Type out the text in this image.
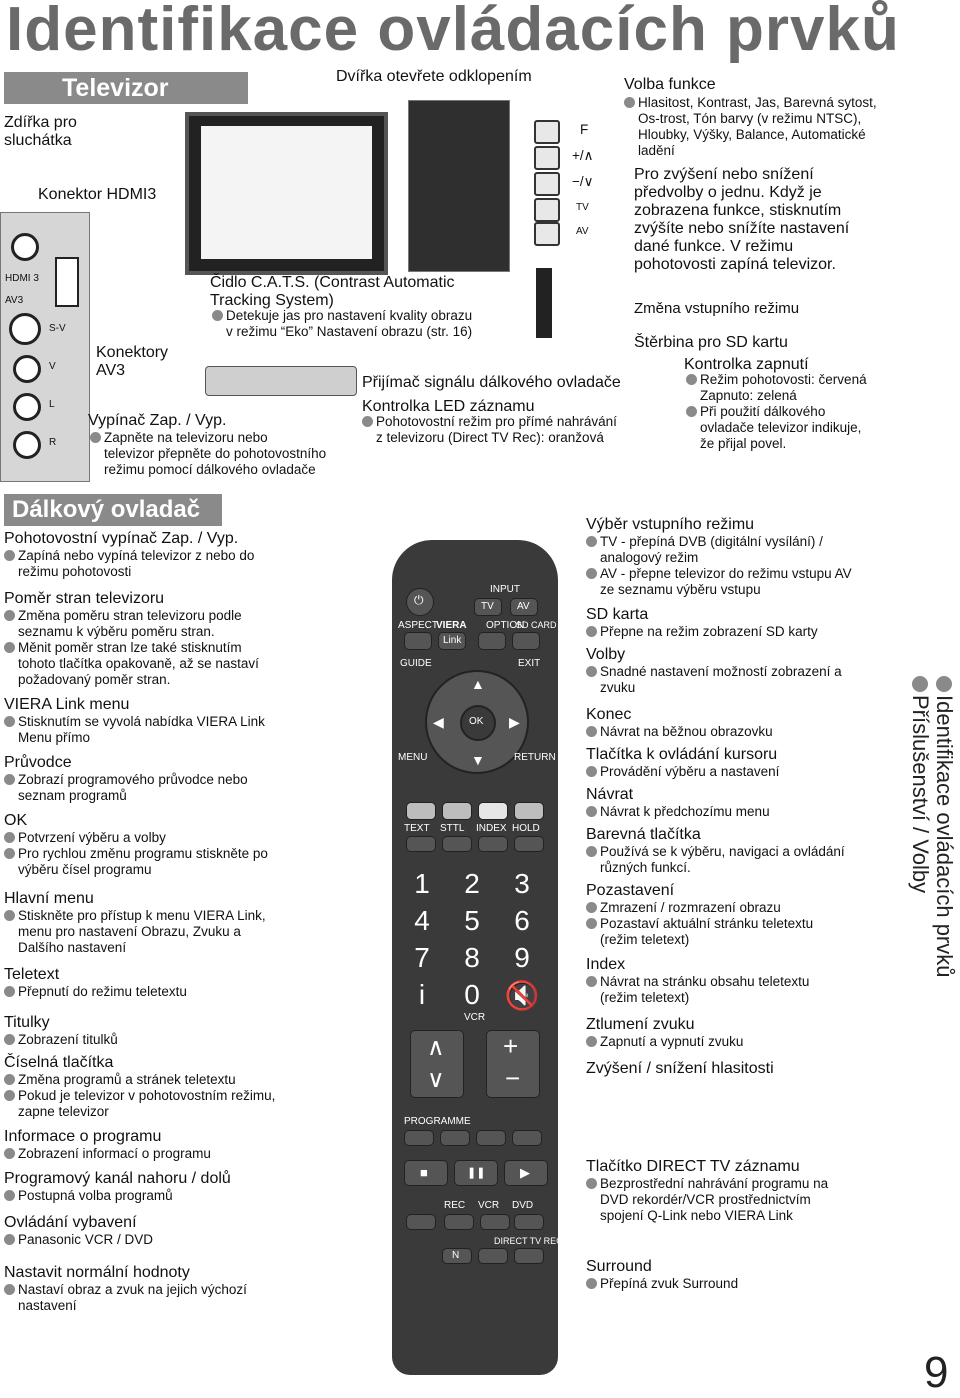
Identifikace ovládacích prvků
Televizor
Zdířka pro
sluchátka
Konektor HDMI3
HDMI 3
AV3
S-V
V
L
R
Konektory
AV3
Vypínač Zap. / Vyp.
Zapněte na televizoru nebo
televizor přepněte do pohotovostního
režimu pomocí dálkového ovladače
Dvířka otevřete odklopením
Čidlo C.A.T.S. (Contrast Automatic
Tracking System)
Detekuje jas pro nastavení kvality obrazu
v režimu “Eko” Nastavení obrazu (str. 16)
Přijímač signálu dálkového ovladače
Kontrolka LED záznamu
Pohotovostní režim pro přímé nahrávání
z televizoru (Direct TV Rec): oranžová
F
+/∧
−/∨
TV
AV
Volba funkce
Hlasitost, Kontrast, Jas, Barevná sytost,
Os-trost, Tón barvy (v režimu NTSC),
Hloubky, Výšky, Balance, Automatické
ladění
Pro zvýšení nebo snížení
předvolby o jednu. Když je
zobrazena funkce, stisknutím
zvýšíte nebo snížíte nastavení
dané funkce. V režimu
pohotovosti zapíná televizor.
Změna vstupního režimu
Štěrbina pro SD kartu
Kontrolka zapnutí
Režim pohotovosti: červená
Zapnuto: zelená
Při použití dálkového
ovladače televizor indikuje,
že přijal povel.
Dálkový ovladač
Pohotovostní vypínač Zap. / Vyp.
Zapíná nebo vypíná televizor z nebo do
režimu pohotovosti
Poměr stran televizoru
Změna poměru stran televizoru podle
seznamu k výběru poměru stran.
Měnit poměr stran lze také stisknutím
tohoto tlačítka opakovaně, až se nastaví
požadovaný poměr stran.
VIERA Link menu
Stisknutím se vyvolá nabídka VIERA Link
Menu přímo
Průvodce
Zobrazí programového průvodce nebo
seznam programů
OK
Potvrzení výběru a volby
Pro rychlou změnu programu stiskněte po
výběru čísel programu
Hlavní menu
Stiskněte pro přístup k menu VIERA Link,
menu pro nastavení Obrazu, Zvuku a
Dalšího nastavení
Teletext
Přepnutí do režimu teletextu
Titulky
Zobrazení titulků
Číselná tlačítka
Změna programů a stránek teletextu
Pokud je televizor v pohotovostním režimu,
zapne televizor
Informace o programu
Zobrazení informací o programu
Programový kanál nahoru / dolů
Postupná volba programů
Ovládání vybavení
Panasonic VCR / DVD
Nastavit normální hodnoty
Nastaví obraz a zvuk na jejich výchozí
nastavení
Výběr vstupního režimu
TV - přepíná DVB (digitální vysílání) /
analogový režim
AV - přepne televizor do režimu vstupu AV
ze seznamu výběru vstupu
SD karta
Přepne na režim zobrazení SD karty
Volby
Snadné nastavení možností zobrazení a
zvuku
Konec
Návrat na běžnou obrazovku
Tlačítka k ovládání kursoru
Provádění výběru a nastavení
Návrat
Návrat k předchozímu menu
Barevná tlačítka
Používá se k výběru, navigaci a ovládání
různých funkcí.
Pozastavení
Zmrazení / rozmrazení obrazu
Pozastaví aktuální stránku teletextu
(režim teletext)
Index
Návrat na stránku obsahu teletextu
(režim teletext)
Ztlumení zvuku
Zapnutí a vypnutí zvuku
Zvýšení / snížení hlasitosti
Tlačítko DIRECT TV záznamu
Bezprostřední nahrávání programu na
DVD rekordér/VCR prostřednictvím
spojení Q-Link nebo VIERA Link
Surround
Přepíná zvuk Surround
⏻
INPUT
TV AV
ASPECT
VIERA OPTION
SD CARD
Link
GUIDE	EXIT
OK
▲
▼
◀	▶
MENU	RETURN
TEXT STTL INDEX HOLD
1	2	3
4	5	6
7	8	9
i	0 🔇
VCR
∧
∨
+
−
PROGRAMME
■	❚❚	▶
REC VCR DVD
DIRECT TV REC
N
Identifikace ovládacích prvků
Příslušenství / Volby
9
